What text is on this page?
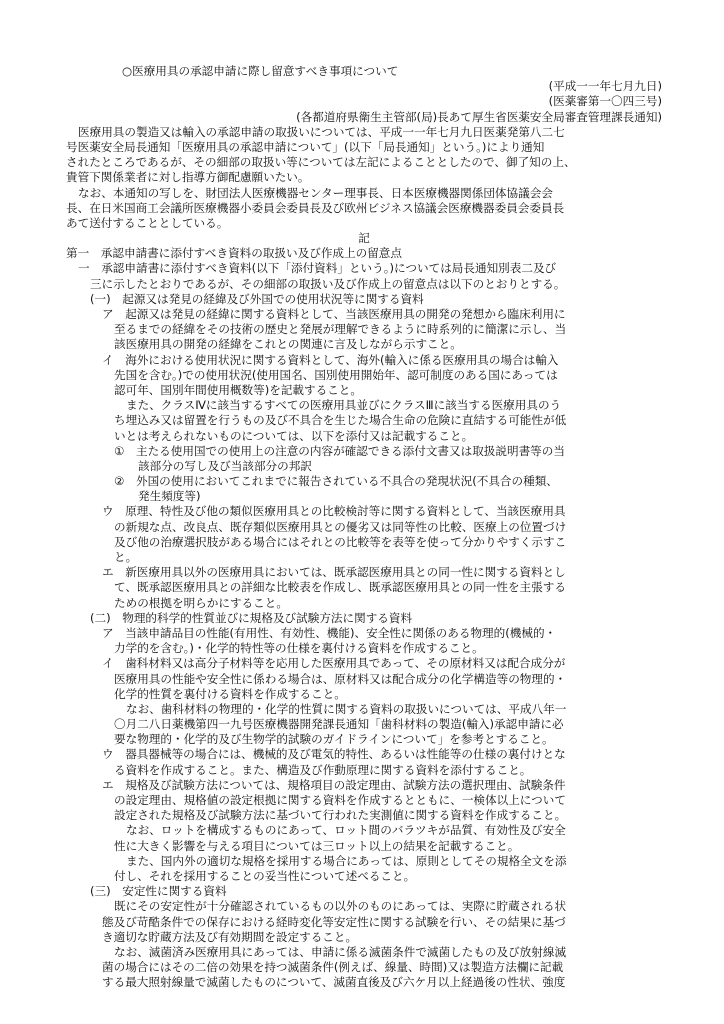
○医療用具の承認申請に際し留意すべき事項について
(平成一一年七月九日)
(医薬審第一〇四三号)
(各都道府県衛生主管部(局)長あて厚生省医薬安全局審査管理課長通知)
医療用具の製造又は輸入の承認申請の取扱いについては、平成一一年七月九日医薬発第八二七
号医薬安全局長通知「医療用具の承認申請について」(以下「局長通知」という。)により通知
されたところであるが、その細部の取扱い等については左記によることとしたので、御了知の上、
貴管下関係業者に対し指導方御配慮願いたい。
なお、本通知の写しを、財団法人医療機器センター理事長、日本医療機器関係団体協議会会
長、在日米国商工会議所医療機器小委員会委員長及び欧州ビジネス協議会医療機器委員会委員長
あて送付することとしている。
記
第一　承認申請書に添付すべき資料の取扱い及び作成上の留意点
一　承認申請書に添付すべき資料(以下「添付資料」という。)については局長通知別表二及び
三に示したとおりであるが、その細部の取扱い及び作成上の留意点は以下のとおりとする。
(一)　起源又は発見の経緯及び外国での使用状況等に関する資料
ア　起源又は発見の経緯に関する資料として、当該医療用具の開発の発想から臨床利用に
至るまでの経緯をその技術の歴史と発展が理解できるように時系列的に簡潔に示し、当
該医療用具の開発の経緯をこれとの関連に言及しながら示すこと。
イ　海外における使用状況に関する資料として、海外(輸入に係る医療用具の場合は輸入
先国を含む。)での使用状況(使用国名、国別使用開始年、認可制度のある国にあっては
認可年、国別年間使用概数等)を記載すること。
また、クラスⅣに該当するすべての医療用具並びにクラスⅢに該当する医療用具のう
ち埋込み又は留置を行うもの及び不具合を生じた場合生命の危険に直結する可能性が低
いとは考えられないものについては、以下を添付又は記載すること。
①　主たる使用国での使用上の注意の内容が確認できる添付文書又は取扱説明書等の当
該部分の写し及び当該部分の邦訳
②　外国の使用においてこれまでに報告されている不具合の発現状況(不具合の種類、
発生頻度等)
ウ　原理、特性及び他の類似医療用具との比較検討等に関する資料として、当該医療用具
の新規な点、改良点、既存類似医療用具との優劣又は同等性の比較、医療上の位置づけ
及び他の治療選択肢がある場合にはそれとの比較等を表等を使って分かりやすく示すこ
と。
エ　新医療用具以外の医療用具においては、既承認医療用具との同一性に関する資料とし
て、既承認医療用具との詳細な比較表を作成し、既承認医療用具との同一性を主張する
ための根拠を明らかにすること。
(二)　物理的科学的性質並びに規格及び試験方法に関する資料
ア　当該申請品目の性能(有用性、有効性、機能)、安全性に関係のある物理的(機械的・
力学的を含む。)・化学的特性等の仕様を裏付ける資料を作成すること。
イ　歯科材料又は高分子材料等を応用した医療用具であって、その原材料又は配合成分が
医療用具の性能や安全性に係わる場合は、原材料又は配合成分の化学構造等の物理的・
化学的性質を裏付ける資料を作成すること。
なお、歯科材料の物理的・化学的性質に関する資料の取扱いについては、平成八年一
〇月二八日薬機第四一九号医療機器開発課長通知「歯科材料の製造(輸入)承認申請に必
要な物理的・化学的及び生物学的試験のガイドラインについて」を参考とすること。
ウ　器具器械等の場合には、機械的及び電気的特性、あるいは性能等の仕様の裏付けとな
る資料を作成すること。また、構造及び作動原理に関する資料を添付すること。
エ　規格及び試験方法については、規格項目の設定理由、試験方法の選択理由、試験条件
の設定理由、規格値の設定根拠に関する資料を作成するとともに、一検体以上について
設定された規格及び試験方法に基づいて行われた実測値に関する資料を作成すること。
なお、ロットを構成するものにあって、ロット間のバラツキが品質、有効性及び安全
性に大きく影響を与える項目については三ロット以上の結果を記載すること。
また、国内外の適切な規格を採用する場合にあっては、原則としてその規格全文を添
付し、それを採用することの妥当性について述べること。
(三)　安定性に関する資料
既にその安定性が十分確認されているもの以外のものにあっては、実際に貯蔵される状
態及び苛酷条件での保存における経時変化等安定性に関する試験を行い、その結果に基づ
き適切な貯蔵方法及び有効期間を設定すること。
なお、滅菌済み医療用具にあっては、申請に係る滅菌条件で滅菌したもの及び放射線滅
菌の場合にはその二倍の効果を持つ滅菌条件(例えば、線量、時間)又は製造方法欄に記載
する最大照射線量で滅菌したものについて、滅菌直後及び六ケ月以上経過後の性状、強度
